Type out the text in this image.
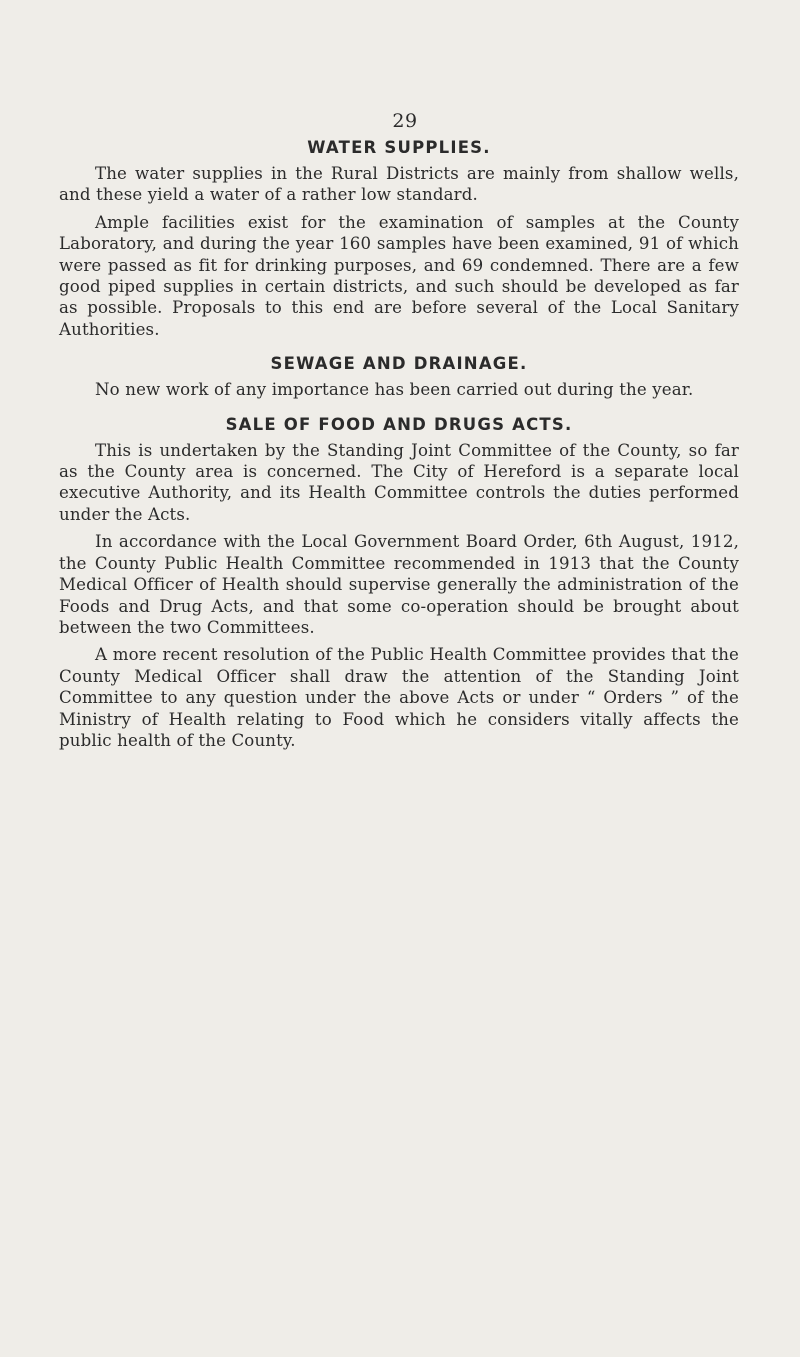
29
WATER SUPPLIES.

The water supplies in the Rural Districts are mainly from shallow wells, and these yield a water of a rather low standard.

Ample facilities exist for the examination of samples at the County Laboratory, and during the year 160 samples have been examined, 91 of which were passed as fit for drinking purposes, and 69 condemned. There are a few good piped supplies in certain districts, and such should be developed as far as possible. Proposals to this end are before several of the Local Sanitary Authorities.

SEWAGE AND DRAINAGE.

No new work of any importance has been carried out during the year.

SALE OF FOOD AND DRUGS ACTS.

This is undertaken by the Standing Joint Committee of the County, so far as the County area is concerned. The City of Hereford is a separate local executive Authority, and its Health Committee controls the duties performed under the Acts.

In accordance with the Local Government Board Order, 6th August, 1912, the County Public Health Committee recommended in 1913 that the County Medical Officer of Health should supervise generally the administration of the Foods and Drug Acts, and that some co-operation should be brought about between the two Committees.

A more recent resolution of the Public Health Committee provides that the County Medical Officer shall draw the attention of the Standing Joint Committee to any question under the above Acts or under “ Orders ” of the Ministry of Health relating to Food which he considers vitally affects the public health of the County.
